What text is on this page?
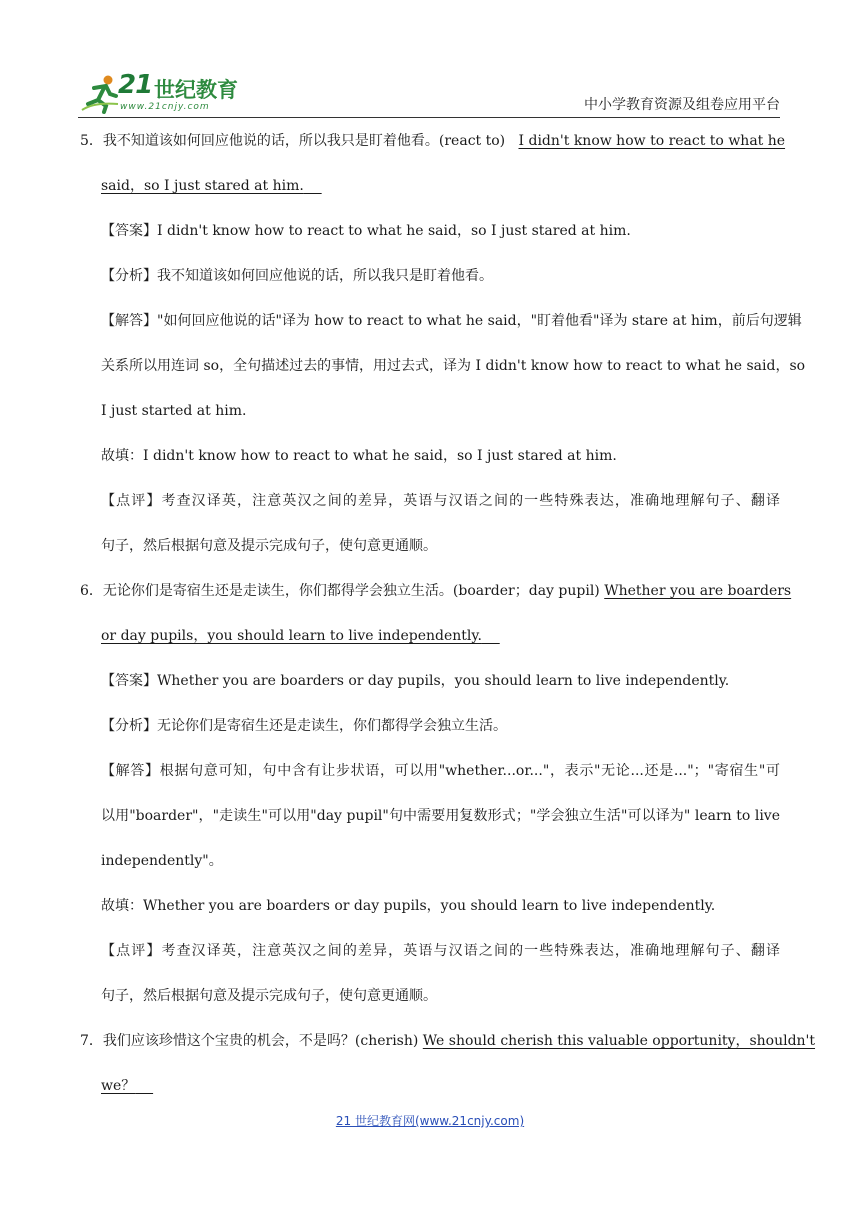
21 世纪教育
www.21cnjy.com	中小学教育资源及组卷应用平台
5．我不知道该如何回应他说的话，所以我只是盯着他看。(react to) I didn't know how to react to what he
said，so I just stared at him.
【答案】I didn't know how to react to what he said，so I just stared at him.
【分析】我不知道该如何回应他说的话，所以我只是盯着他看。
【解答】"如何回应他说的话"译为 how to react to what he said，"盯着他看"译为 stare at him，前后句逻辑
关系所以用连词 so，全句描述过去的事情，用过去式，译为 I didn't know how to react to what he said，so
I just started at him.
故填：I didn't know how to react to what he said，so I just stared at him.
【点评】考查汉译英，注意英汉之间的差异，英语与汉语之间的一些特殊表达，准确地理解句子、翻译
句子，然后根据句意及提示完成句子，使句意更通顺。
6．无论你们是寄宿生还是走读生，你们都得学会独立生活。(boarder；day pupil) Whether you are boarders
or day pupils，you should learn to live independently.
【答案】Whether you are boarders or day pupils，you should learn to live independently.
【分析】无论你们是寄宿生还是走读生，你们都得学会独立生活。
【解答】根据句意可知，句中含有让步状语，可以用"whether...or..."，表示"无论...还是..."；"寄宿生"可
以用"boarder"，"走读生"可以用"day pupil"句中需要用复数形式；"学会独立生活"可以译为" learn to live
independently"。
故填：Whether you are boarders or day pupils，you should learn to live independently.
【点评】考查汉译英，注意英汉之间的差异，英语与汉语之间的一些特殊表达，准确地理解句子、翻译
句子，然后根据句意及提示完成句子，使句意更通顺。
7．我们应该珍惜这个宝贵的机会，不是吗？(cherish) We should cherish this valuable opportunity，shouldn't
we？
21 世纪教育网(www.21cnjy.com)
